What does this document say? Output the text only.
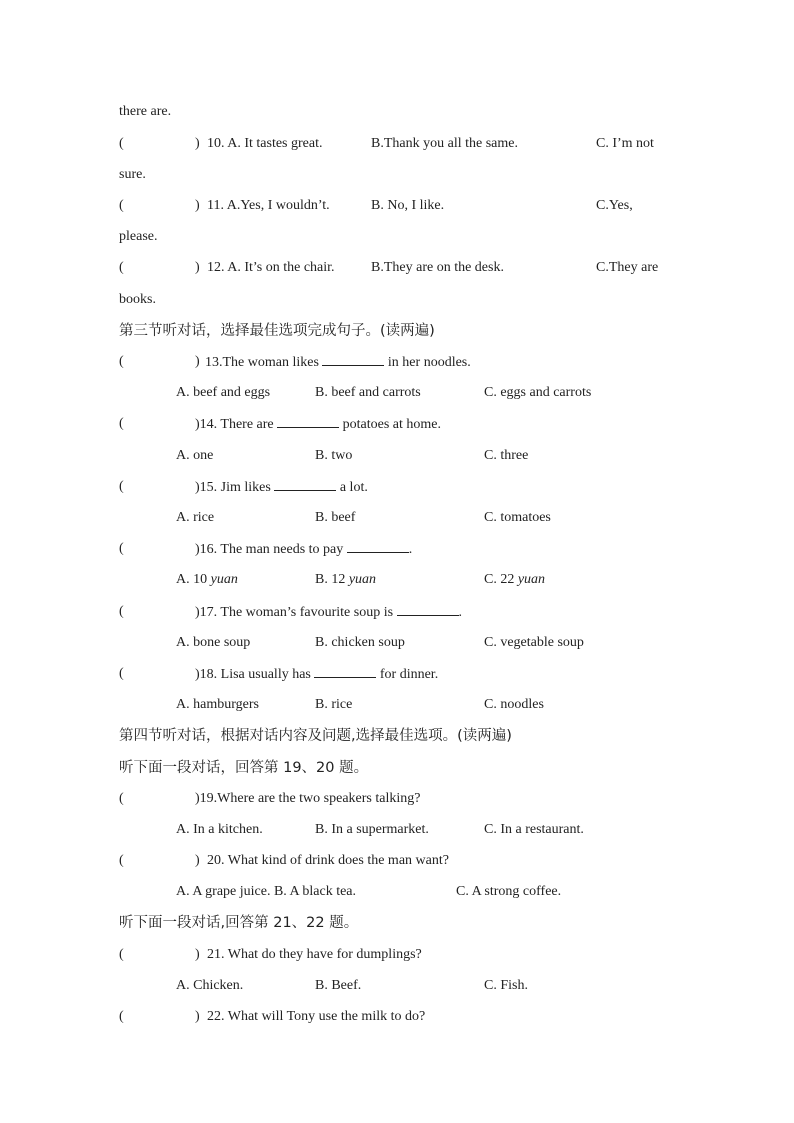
there are.
(	) 10. A. It tastes great.	B.Thank you all the same.	C. I’m not
sure.
(	) 11. A.Yes, I wouldn’t.	B. No, I like.	C.Yes,
please.
(	) 12. A. It’s on the chair.	B.They are on the desk.	C.They are
books.
第三节听对话，选择最佳选项完成句子。(读两遍)
(	) 13.The woman likes	in her noodles.
A. beef and eggs	B. beef and carrots	C. eggs and carrots
(	)14. There are	potatoes at home.
A. one	B. two	C. three
(	)15. Jim likes	a lot.
A. rice	B. beef	C. tomatoes
(	)16. The man needs to pay	.
A. 10 yuan	B. 12 yuan	C. 22 yuan
(	)17. The woman’s favourite soup is	.
A. bone soup	B. chicken soup	C. vegetable soup
(	)18. Lisa usually has	for dinner.
A. hamburgers	B. rice	C. noodles
第四节听对话，根据对话内容及问题,选择最佳选项。(读两遍)
听下面一段对话，回答第 19、20 题。
(	)19.Where are the two speakers talking?
A. In a kitchen.	B. In a supermarket.	C. In a restaurant.
(	) 20. What kind of drink does the man want?
A. A grape juice. B. A black tea.	C. A strong coffee.
听下面一段对话,回答第 21、22 题。
(	) 21. What do they have for dumplings?
A. Chicken.	B. Beef.	C. Fish.
(	) 22. What will Tony use the milk to do?
